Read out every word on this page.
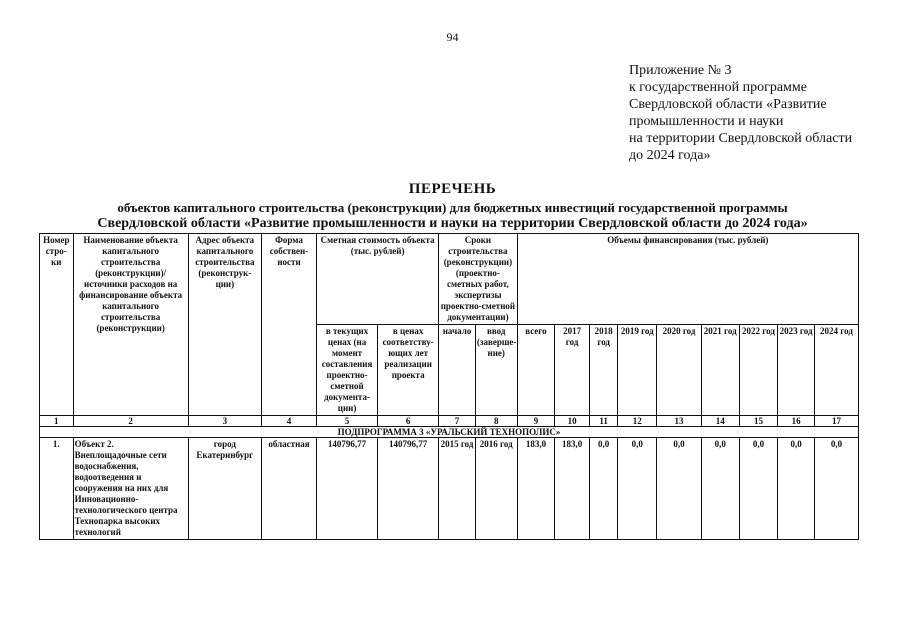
94
Приложение № 3
к государственной программе
Свердловской области «Развитие
промышленности и науки
на территории Свердловской области
до 2024 года»
ПЕРЕЧЕНЬ
объектов капитального строительства (реконструкции) для бюджетных инвестиций государственной программы
Свердловской области «Развитие промышленности и науки на территории Свердловской области до 2024 года»
Номер стро-ки	Наименование объекта капитального строительства (реконструкции)/ источники расходов на финансирование объекта капитального строительства (реконструкции)	Адрес объекта капитального строительства (реконструк-ции)	Форма собствен-ности	Сметная стоимость объекта (тыс. рублей)		Сроки строительства (реконструкции) (проектно-сметных работ, экспертизы проектно-сметной документации)		Объемы финансирования (тыс. рублей)								
				в текущих ценах (на момент составления проектно-сметной документа-ции)	в ценах соответству-ющих лет реализации проекта	начало	ввод (заверше-ние)	всего	2017 год	2018 год	2019 год	2020 год	2021 год	2022 год	2023 год	2024 год
1	2	3	4	5	6	7	8	9	10	11	12	13	14	15	16	17
ПОДПРОГРАММА 3 «УРАЛЬСКИЙ ТЕХНОПОЛИС»																
1.	Объект 2. Внеплощадочные сети водоснабжения, водоотведения и сооружения на них для Инновационно-технологического центра Технопарка высоких технологий	город Екатеринбург	областная	140796,77	140796,77	2015 год	2016 год	183,0	183,0	0,0	0,0	0,0	0,0	0,0	0,0	0,0
